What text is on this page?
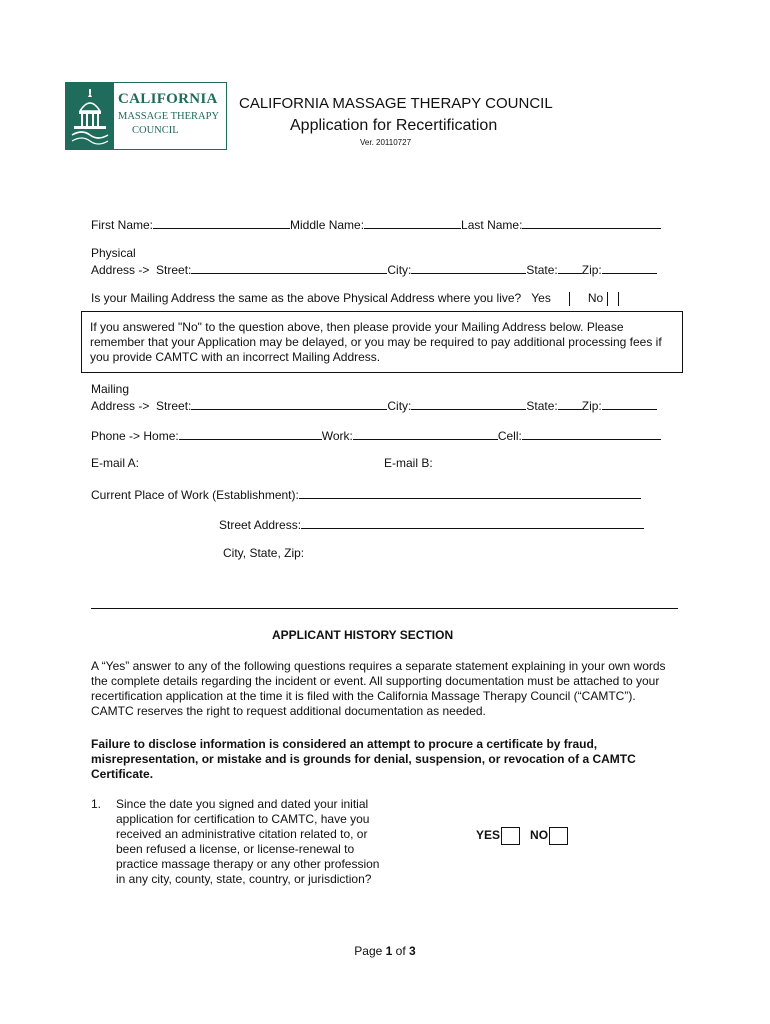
CALIFORNIA
MASSAGE THERAPY
COUNCIL
CALIFORNIA MASSAGE THERAPY COUNCIL
Application for Recertification
Ver. 20110727
First Name:	Middle Name:	Last Name:
Physical
Address -> Street:	City:	State: Zip:
Is your Mailing Address the same as the above Physical Address where you live? Yes	No
If you answered "No" to the question above, then please provide your Mailing Address below. Please remember that your Application may be delayed, or you may be required to pay additional processing fees if you provide CAMTC with an incorrect Mailing Address.
Mailing
Address -> Street:	City:	State: Zip:
Phone -> Home:	Work:	Cell:
E-mail A:	E-mail B:
Current Place of Work (Establishment):
Street Address:
City, State, Zip:
APPLICANT HISTORY SECTION
A “Yes” answer to any of the following questions requires a separate statement explaining in your own words the complete details regarding the incident or event. All supporting documentation must be attached to your recertification application at the time it is filed with the California Massage Therapy Council (“CAMTC”). CAMTC reserves the right to request additional documentation as needed.
Failure to disclose information is considered an attempt to procure a certificate by fraud, misrepresentation, or mistake and is grounds for denial, suspension, or revocation of a CAMTC Certificate.
1. Since the date you signed and dated your initial
application for certification to CAMTC, have you
received an administrative citation related to, or
been refused a license, or license-renewal to
practice massage therapy or any other profession
in any city, county, state, country, or jurisdiction?
YES	NO
Page 1 of 3
